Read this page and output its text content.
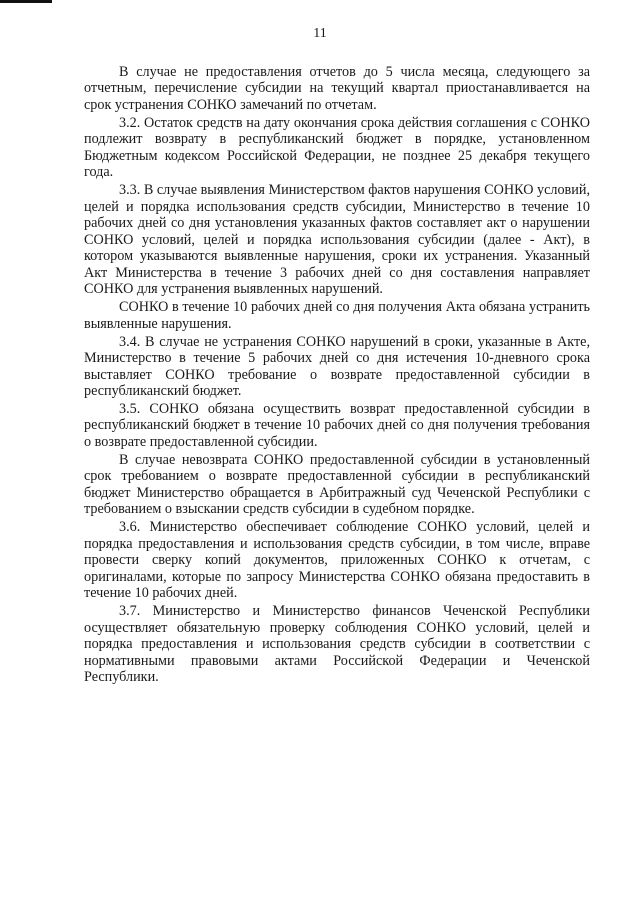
11

В случае не предоставления отчетов до 5 числа месяца, следующего за отчетным, перечисление субсидии на текущий квартал приостанавливается на срок устранения СОНКО замечаний по отчетам.

3.2. Остаток средств на дату окончания срока действия соглашения с СОНКО подлежит возврату в республиканский бюджет в порядке, установленном Бюджетным кодексом Российской Федерации, не позднее 25 декабря текущего года.

3.3. В случае выявления Министерством фактов нарушения СОНКО условий, целей и порядка использования средств субсидии, Министерство в течение 10 рабочих дней со дня установления указанных фактов составляет акт о нарушении СОНКО условий, целей и порядка использования субсидии (далее - Акт), в котором указываются выявленные нарушения, сроки их устранения. Указанный Акт Министерства в течение 3 рабочих дней со дня составления направляет СОНКО для устранения выявленных нарушений.

СОНКО в течение 10 рабочих дней со дня получения Акта обязана устранить выявленные нарушения.

3.4. В случае не устранения СОНКО нарушений в сроки, указанные в Акте, Министерство в течение 5 рабочих дней со дня истечения 10-дневного срока выставляет СОНКО требование о возврате предоставленной субсидии в республиканский бюджет.

3.5. СОНКО обязана осуществить возврат предоставленной субсидии в республиканский бюджет в течение 10 рабочих дней со дня получения требования о возврате предоставленной субсидии.

В случае невозврата СОНКО предоставленной субсидии в установленный срок требованием о возврате предоставленной субсидии в республиканский бюджет Министерство обращается в Арбитражный суд Чеченской Республики с требованием о взыскании средств субсидии в судебном порядке.

3.6. Министерство обеспечивает соблюдение СОНКО условий, целей и порядка предоставления и использования средств субсидии, в том числе, вправе провести сверку копий документов, приложенных СОНКО к отчетам, с оригиналами, которые по запросу Министерства СОНКО обязана предоставить в течение 10 рабочих дней.

3.7. Министерство и Министерство финансов Чеченской Республики осуществляет обязательную проверку соблюдения СОНКО условий, целей и порядка предоставления и использования средств субсидии в соответствии с нормативными правовыми актами Российской Федерации и Чеченской Республики.
